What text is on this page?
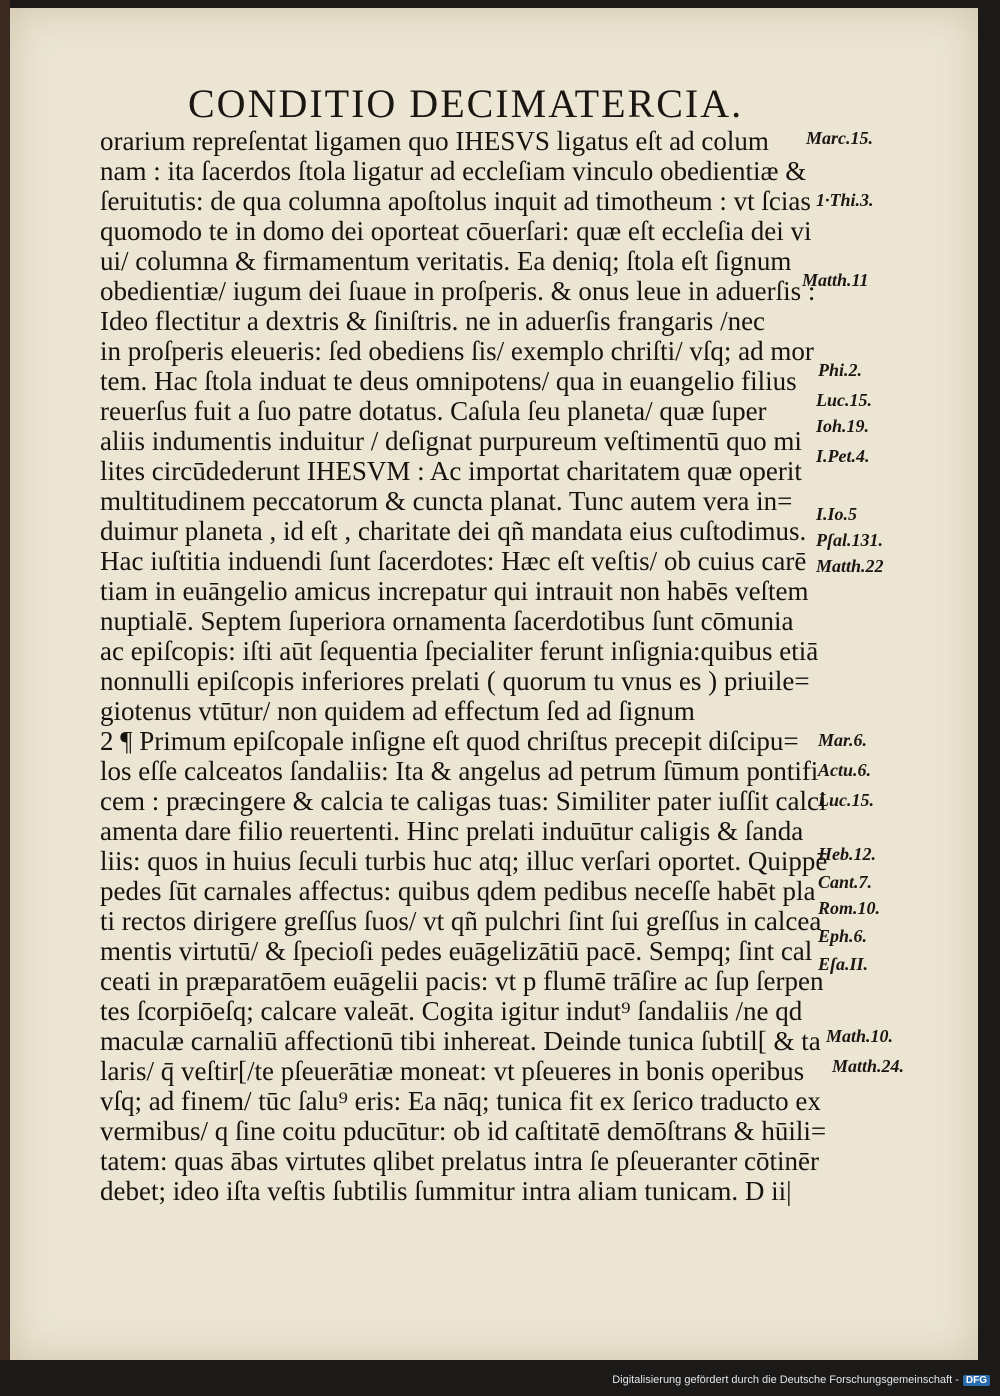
CONDITIO DECIMATERCIA.
orarium repreſentat ligamen quo IHESVS ligatus eſt ad colum
nam : ita ſacerdos ſtola ligatur ad eccleſiam vinculo obedientiæ &
ſeruitutis: de qua columna apoſtolus inquit ad timotheum : vt ſcias
quomodo te in domo dei oporteat cōuerſari: quæ eſt eccleſia dei vi
ui/ columna & firmamentum veritatis. Ea deniq; ſtola eſt ſignum
obedientiæ/ iugum dei ſuaue in proſperis. & onus leue in aduerſis :
Ideo flectitur a dextris & ſiniſtris. ne in aduerſis frangaris /nec
in proſperis eleueris: ſed obediens ſis/ exemplo chriſti/ vſq; ad mor
tem. Hac ſtola induat te deus omnipotens/ qua in euangelio filius
reuerſus fuit a ſuo patre dotatus. Caſula ſeu planeta/ quæ ſuper
aliis indumentis induitur / deſignat purpureum veſtimentū quo mi
lites circūdederunt IHESVM : Ac importat charitatem quæ operit
multitudinem peccatorum & cuncta planat. Tunc autem vera in=
duimur planeta , id eſt , charitate dei qñ mandata eius cuſtodimus.
Hac iuſtitia induendi ſunt ſacerdotes: Hæc eſt veſtis/ ob cuius carē
tiam in euāngelio amicus increpatur qui intrauit non habēs veſtem
nuptialē. Septem ſuperiora ornamenta ſacerdotibus ſunt cōmunia
ac epiſcopis: iſti aūt ſequentia ſpecialiter ferunt inſignia:quibus etiā
nonnulli epiſcopis inferiores prelati ( quorum tu vnus es ) priuile=
giotenus vtūtur/ non quidem ad effectum ſed ad ſignum
2 ¶ Primum epiſcopale inſigne eſt quod chriſtus precepit diſcipu=
los eſſe calceatos ſandaliis: Ita & angelus ad petrum ſūmum pontifi
cem : præcingere & calcia te caligas tuas: Similiter pater iuſſit calci
amenta dare filio reuertenti. Hinc prelati induūtur caligis & ſanda
liis: quos in huius ſeculi turbis huc atq; illuc verſari oportet. Quippē
pedes ſūt carnales affectus: quibus qdem pedibus neceſſe habēt pla
ti rectos dirigere greſſus ſuos/ vt qñ pulchri ſint ſui greſſus in calcea
mentis virtutū/ & ſpecioſi pedes euāgelizātiū pacē. Sempq; ſint cal
ceati in præparatōem euāgelii pacis: vt p flumē trāſire ac ſup ſerpen
tes ſcorpiōeſq; calcare valeāt. Cogita igitur indut⁹ ſandaliis /ne qd
maculæ carnaliū affectionū tibi inhereat. Deinde tunica ſubtil[ & ta
laris/ q̄ veſtir[/te pſeuerātiæ moneat: vt pſeueres in bonis operibus
vſq; ad finem/ tūc ſalu⁹ eris: Ea nāq; tunica fit ex ſerico traducto ex
vermibus/ q ſine coitu pducūtur: ob id caſtitatē demōſtrans & hūili=
tatem: quas ābas virtutes qlibet prelatus intra ſe pſeueranter cōtinēr
debet; ideo iſta veſtis ſubtilis ſummitur intra aliam tunicam. D ii|
Marc.15.
1·Thi.3.
Matth.11
Phi.2.
Luc.15.
Ioh.19.
I.Pet.4.
I.Io.5
Pſal.131.
Matth.22
Mar.6.
Actu.6.
Luc.15.
Heb.12.
Cant.7.
Rom.10.
Eph.6.
Eſa.II.
Math.10.
Matth.24.
Digitalisierung gefördert durch die Deutsche Forschungsgemeinschaft - DFG
